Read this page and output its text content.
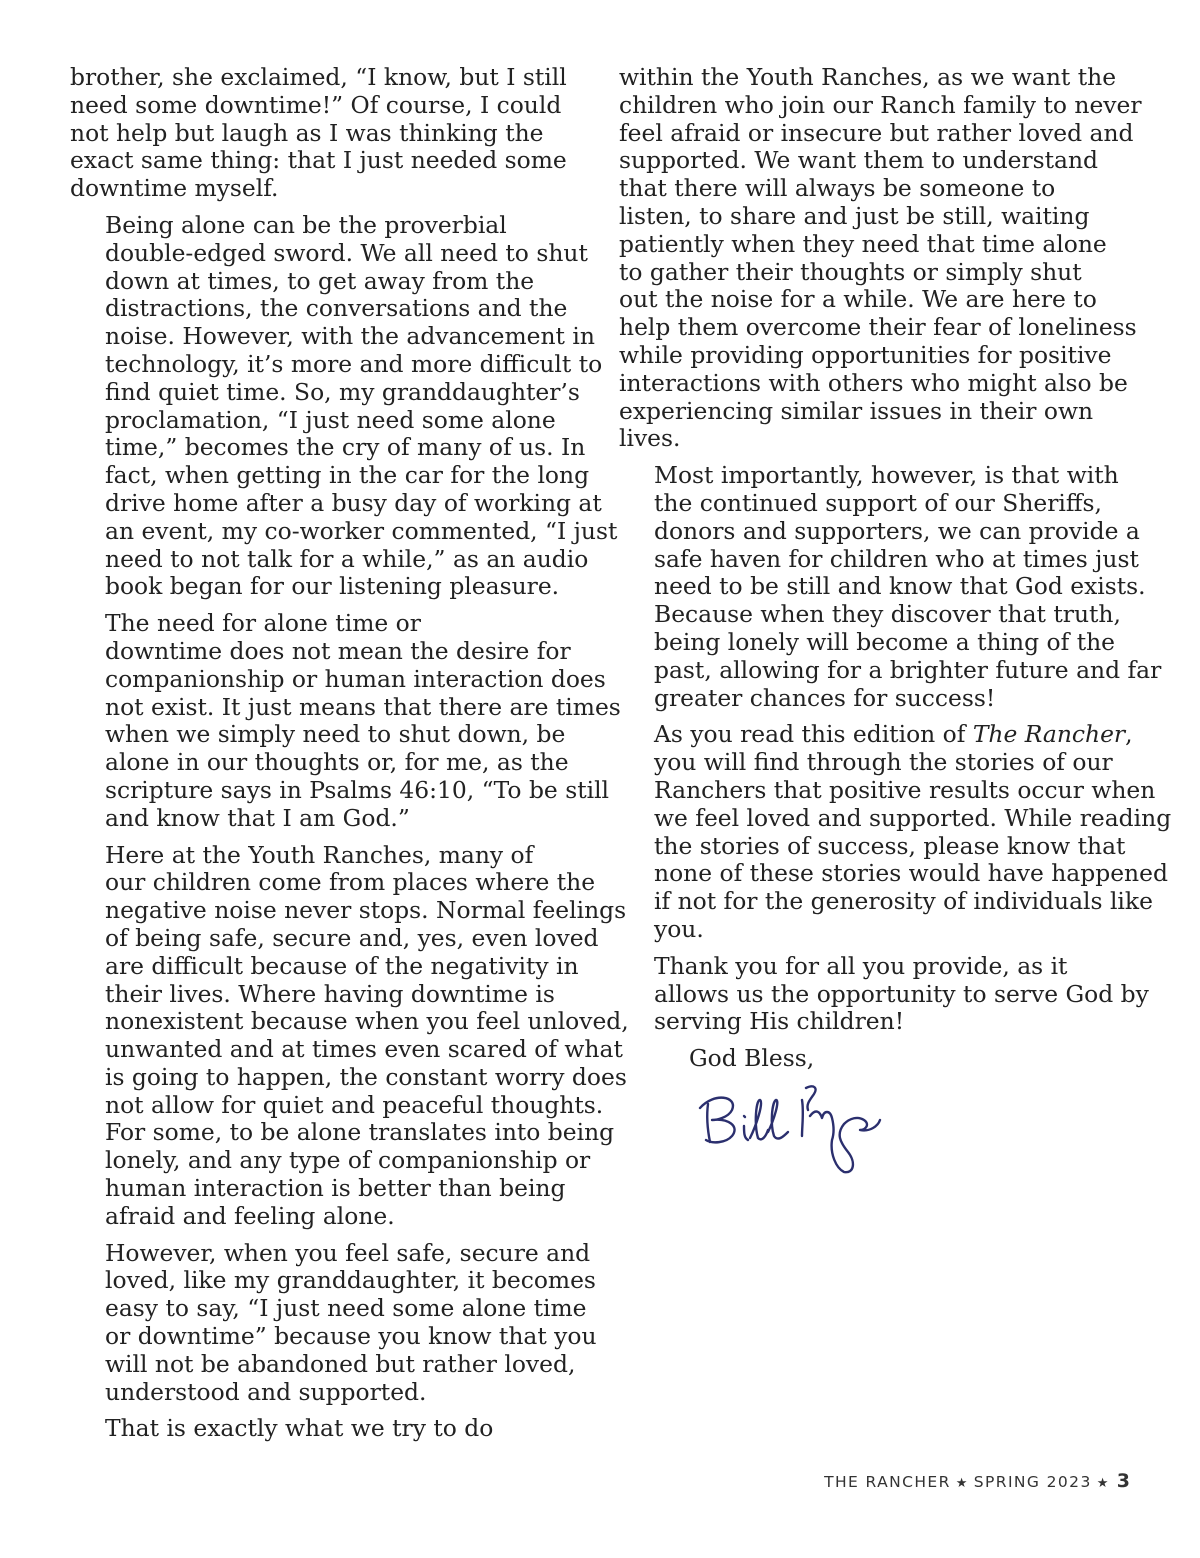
brother, she exclaimed, “I know, but I still
need some downtime!” Of course, I could
not help but laugh as I was thinking the
exact same thing: that I just needed some
downtime myself.

Being alone can be the proverbial
double-edged sword. We all need to shut
down at times, to get away from the
distractions, the conversations and the
noise. However, with the advancement in
technology, it’s more and more difficult to
find quiet time. So, my granddaughter’s
proclamation, “I just need some alone
time,” becomes the cry of many of us. In
fact, when getting in the car for the long
drive home after a busy day of working at
an event, my co-worker commented, “I just
need to not talk for a while,” as an audio
book began for our listening pleasure.

The need for alone time or
downtime does not mean the desire for
companionship or human interaction does
not exist. It just means that there are times
when we simply need to shut down, be
alone in our thoughts or, for me, as the
scripture says in Psalms 46:10, “To be still
and know that I am God.”

Here at the Youth Ranches, many of
our children come from places where the
negative noise never stops. Normal feelings
of being safe, secure and, yes, even loved
are difficult because of the negativity in
their lives. Where having downtime is
nonexistent because when you feel unloved,
unwanted and at times even scared of what
is going to happen, the constant worry does
not allow for quiet and peaceful thoughts.
For some, to be alone translates into being
lonely, and any type of companionship or
human interaction is better than being
afraid and feeling alone.

However, when you feel safe, secure and
loved, like my granddaughter, it becomes
easy to say, “I just need some alone time
or downtime” because you know that you
will not be abandoned but rather loved,
understood and supported.

That is exactly what we try to do

within the Youth Ranches, as we want the
children who join our Ranch family to never
feel afraid or insecure but rather loved and
supported. We want them to understand
that there will always be someone to
listen, to share and just be still, waiting
patiently when they need that time alone
to gather their thoughts or simply shut
out the noise for a while. We are here to
help them overcome their fear of loneliness
while providing opportunities for positive
interactions with others who might also be
experiencing similar issues in their own
lives.

Most importantly, however, is that with
the continued support of our Sheriffs,
donors and supporters, we can provide a
safe haven for children who at times just
need to be still and know that God exists.
Because when they discover that truth,
being lonely will become a thing of the
past, allowing for a brighter future and far
greater chances for success!

As you read this edition of The Rancher,
you will find through the stories of our
Ranchers that positive results occur when
we feel loved and supported. While reading
the stories of success, please know that
none of these stories would have happened
if not for the generosity of individuals like
you.

Thank you for all you provide, as it
allows us the opportunity to serve God by
serving His children!

God Bless,

THE RANCHER ★ SPRING 2023 ★ 3
